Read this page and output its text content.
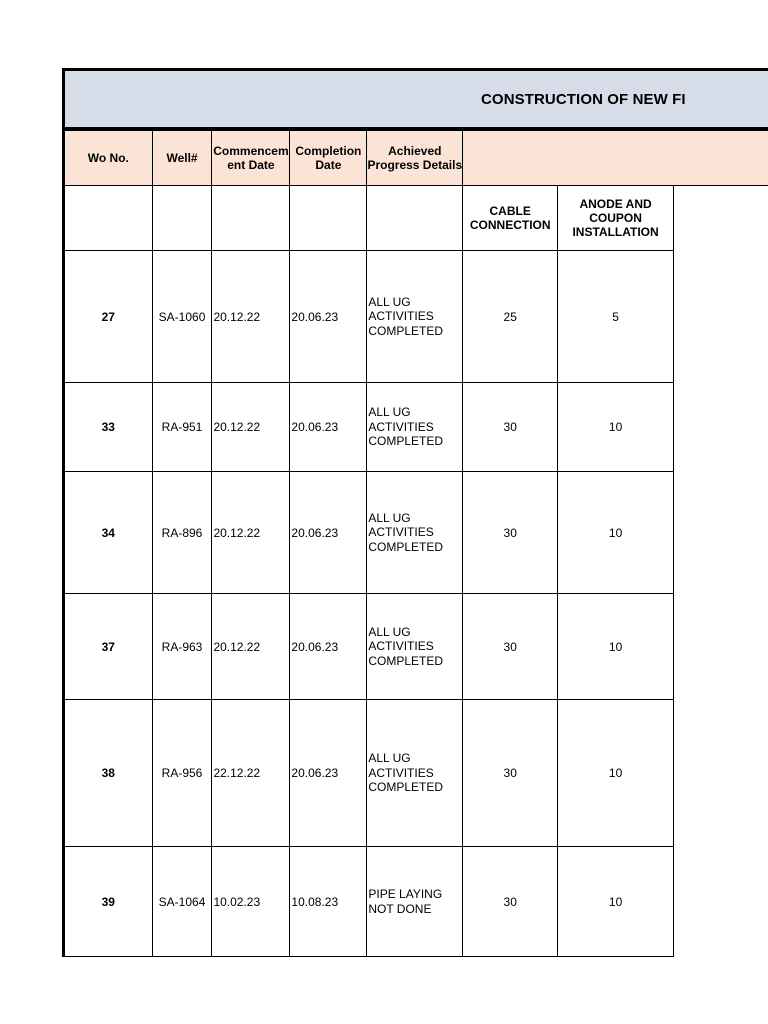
CONSTRUCTION OF NEW FI
Wo No.	Well#	Commencem ent Date	Completion Date	Achieved Progress Details			
					CABLE CONNECTION	ANODE AND COUPON INSTALLATION	
27	SA-1060	20.12.22	20.06.23	ALL UG
ACTIVITIES
COMPLETED	25	5	
33	RA-951	20.12.22	20.06.23	ALL UG
ACTIVITIES
COMPLETED	30	10	
34	RA-896	20.12.22	20.06.23	ALL UG
ACTIVITIES
COMPLETED	30	10	
37	RA-963	20.12.22	20.06.23	ALL UG
ACTIVITIES
COMPLETED	30	10	
38	RA-956	22.12.22	20.06.23	ALL UG
ACTIVITIES
COMPLETED	30	10	
39	SA-1064	10.02.23	10.08.23	PIPE LAYING
NOT DONE	30	10	
